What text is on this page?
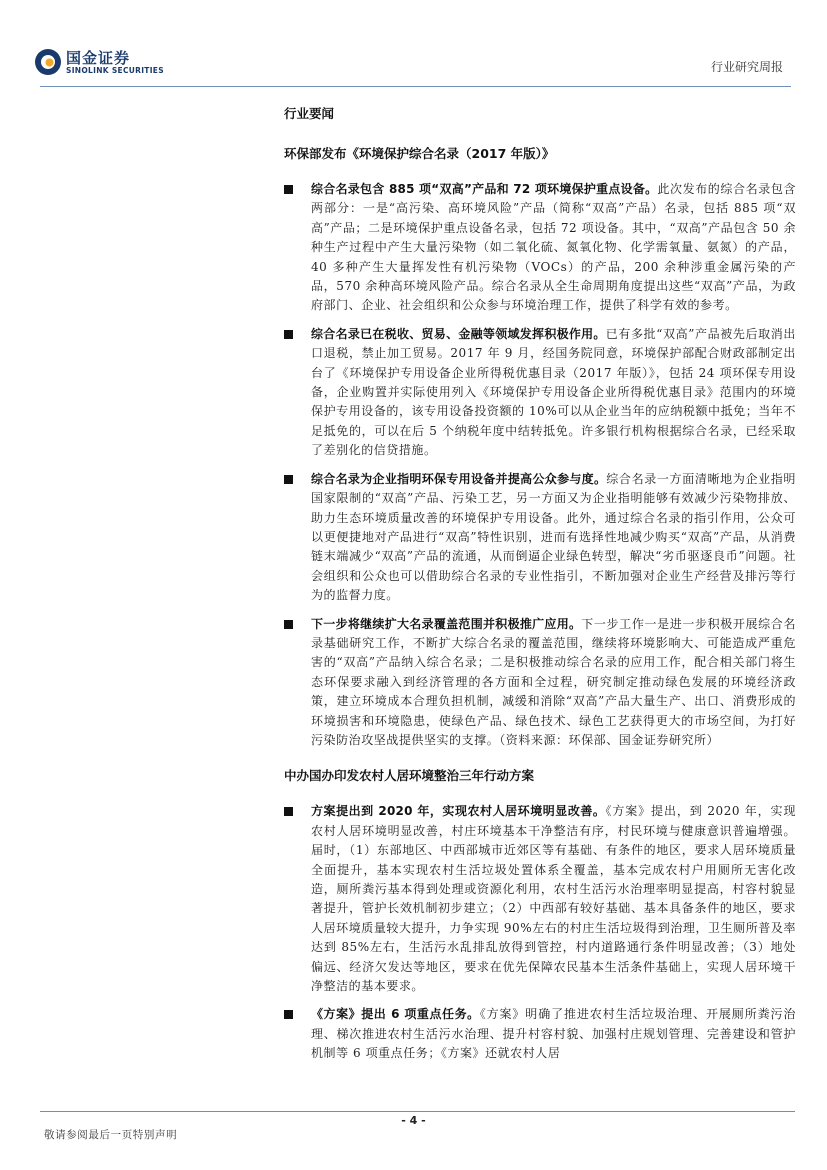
国金证券
SINOLINK SECURITIES	行业研究周报
行业要闻
环保部发布《环境保护综合名录（2017 年版）》
综合名录包含 885 项“双高”产品和 72 项环境保护重点设备。此次发布的综合名录包含两部分：一是“高污染、高环境风险”产品（简称“双高”产品）名录，包括 885 项“双高”产品；二是环境保护重点设备名录，包括 72 项设备。其中，“双高”产品包含 50 余种生产过程中产生大量污染物（如二氧化硫、氮氧化物、化学需氧量、氨氮）的产品，40 多种产生大量挥发性有机污染物（VOCs）的产品，200 余种涉重金属污染的产品，570 余种高环境风险产品。综合名录从全生命周期角度提出这些“双高”产品，为政府部门、企业、社会组织和公众参与环境治理工作，提供了科学有效的参考。
综合名录已在税收、贸易、金融等领域发挥积极作用。已有多批“双高”产品被先后取消出口退税，禁止加工贸易。2017 年 9 月，经国务院同意，环境保护部配合财政部制定出台了《环境保护专用设备企业所得税优惠目录（2017 年版）》，包括 24 项环保专用设备，企业购置并实际使用列入《环境保护专用设备企业所得税优惠目录》范围内的环境保护专用设备的，该专用设备投资额的 10%可以从企业当年的应纳税额中抵免；当年不足抵免的，可以在后 5 个纳税年度中结转抵免。许多银行机构根据综合名录，已经采取了差别化的信贷措施。
综合名录为企业指明环保专用设备并提高公众参与度。综合名录一方面清晰地为企业指明国家限制的“双高”产品、污染工艺，另一方面又为企业指明能够有效减少污染物排放、助力生态环境质量改善的环境保护专用设备。此外，通过综合名录的指引作用，公众可以更便捷地对产品进行“双高”特性识别，进而有选择性地减少购买“双高”产品，从消费链末端减少“双高”产品的流通，从而倒逼企业绿色转型，解决“劣币驱逐良币”问题。社会组织和公众也可以借助综合名录的专业性指引，不断加强对企业生产经营及排污等行为的监督力度。
下一步将继续扩大名录覆盖范围并积极推广应用。下一步工作一是进一步积极开展综合名录基础研究工作，不断扩大综合名录的覆盖范围，继续将环境影响大、可能造成严重危害的“双高”产品纳入综合名录；二是积极推动综合名录的应用工作，配合相关部门将生态环保要求融入到经济管理的各方面和全过程，研究制定推动绿色发展的环境经济政策，建立环境成本合理负担机制，减缓和消除“双高”产品大量生产、出口、消费形成的环境损害和环境隐患，使绿色产品、绿色技术、绿色工艺获得更大的市场空间，为打好污染防治攻坚战提供坚实的支撑。（资料来源：环保部、国金证券研究所）
中办国办印发农村人居环境整治三年行动方案
方案提出到 2020 年，实现农村人居环境明显改善。《方案》提出，到 2020 年，实现农村人居环境明显改善，村庄环境基本干净整洁有序，村民环境与健康意识普遍增强。届时，（1）东部地区、中西部城市近郊区等有基础、有条件的地区，要求人居环境质量全面提升，基本实现农村生活垃圾处置体系全覆盖，基本完成农村户用厕所无害化改造，厕所粪污基本得到处理或资源化利用，农村生活污水治理率明显提高，村容村貌显著提升，管护长效机制初步建立；（2）中西部有较好基础、基本具备条件的地区，要求人居环境质量较大提升，力争实现 90%左右的村庄生活垃圾得到治理，卫生厕所普及率达到 85%左右，生活污水乱排乱放得到管控，村内道路通行条件明显改善；（3）地处偏远、经济欠发达等地区，要求在优先保障农民基本生活条件基础上，实现人居环境干净整洁的基本要求。
《方案》提出 6 项重点任务。《方案》明确了推进农村生活垃圾治理、开展厕所粪污治理、梯次推进农村生活污水治理、提升村容村貌、加强村庄规划管理、完善建设和管护机制等 6 项重点任务；《方案》还就农村人居
- 4 -
敬请参阅最后一页特别声明
